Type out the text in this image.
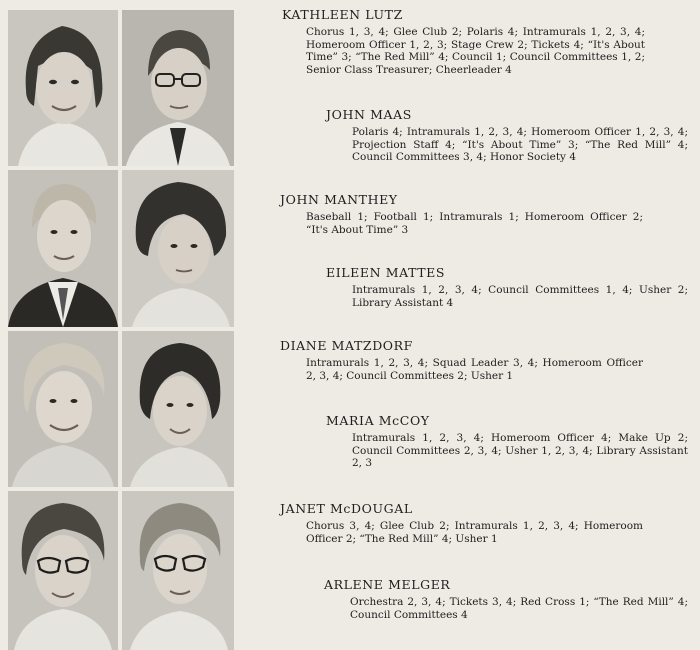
KATHLEEN LUTZ
Chorus 1, 3, 4; Glee Club 2; Polaris 4; Intramurals 1, 2, 3, 4; Homeroom Officer 1, 2, 3; Stage Crew 2; Tickets 4; “It's About Time” 3; “The Red Mill” 4; Council 1; Council Committees 1, 2; Senior Class Treasurer; Cheerleader 4
JOHN MAAS
Polaris 4; Intramurals 1, 2, 3, 4; Homeroom Officer 1, 2, 3, 4; Projection Staff 4; “It's About Time” 3; “The Red Mill” 4; Council Committees 3, 4; Honor Society 4
JOHN MANTHEY
Baseball 1; Football 1; Intramurals 1; Homeroom Officer 2; “It's About Time” 3
EILEEN MATTES
Intramurals 1, 2, 3, 4; Council Committees 1, 4; Usher 2; Library Assistant 4
DIANE MATZDORF
Intramurals 1, 2, 3, 4; Squad Leader 3, 4; Homeroom Officer 2, 3, 4; Council Committees 2; Usher 1
MARIA McCOY
Intramurals 1, 2, 3, 4; Homeroom Officer 4; Make Up 2; Council Committees 2, 3, 4; Usher 1, 2, 3, 4; Library Assistant 2, 3
JANET McDOUGAL
Chorus 3, 4; Glee Club 2; Intramurals 1, 2, 3, 4; Homeroom Officer 2; “The Red Mill” 4; Usher 1
ARLENE MELGER
Orchestra 2, 3, 4; Tickets 3, 4; Red Cross 1; “The Red Mill” 4; Council Committees 4
